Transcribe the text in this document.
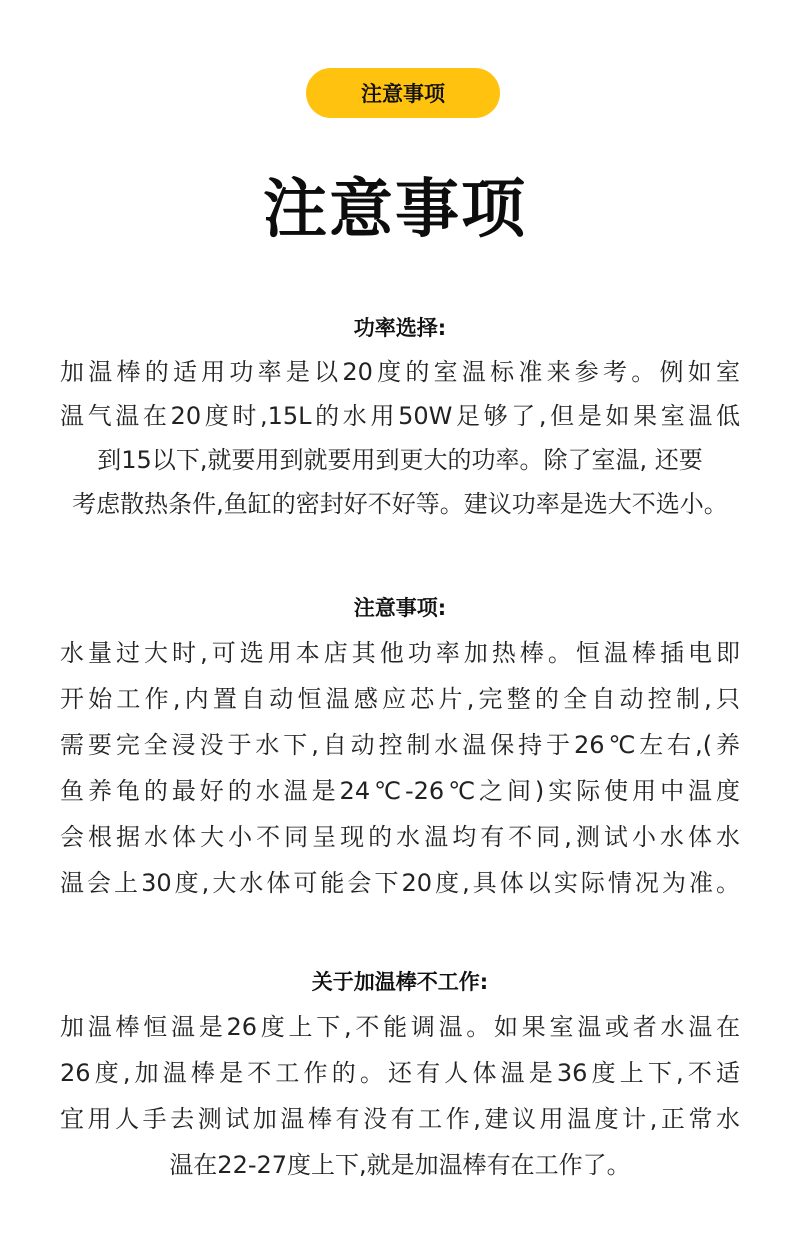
注意事项
注意事项
功率选择:
加温棒的适用功率是以20度的室温标准来参考。例如室
温气温在20度时,15L的水用50W足够了,但是如果室温低
到15以下,就要用到就要用到更大的功率。除了室温, 还要
考虑散热条件,鱼缸的密封好不好等。建议功率是选大不选小。
注意事项:
水量过大时,可选用本店其他功率加热棒。恒温棒插电即
开始工作,内置自动恒温感应芯片,完整的全自动控制,只
需要完全浸没于水下,自动控制水温保持于26℃左右,(养
鱼养龟的最好的水温是24℃-26℃之间)实际使用中温度
会根据水体大小不同呈现的水温均有不同,测试小水体水
温会上30度,大水体可能会下20度,具体以实际情况为准。
关于加温棒不工作:
加温棒恒温是26度上下,不能调温。如果室温或者水温在
26度,加温棒是不工作的。还有人体温是36度上下,不适
宜用人手去测试加温棒有没有工作,建议用温度计,正常水
温在22-27度上下,就是加温棒有在工作了。
